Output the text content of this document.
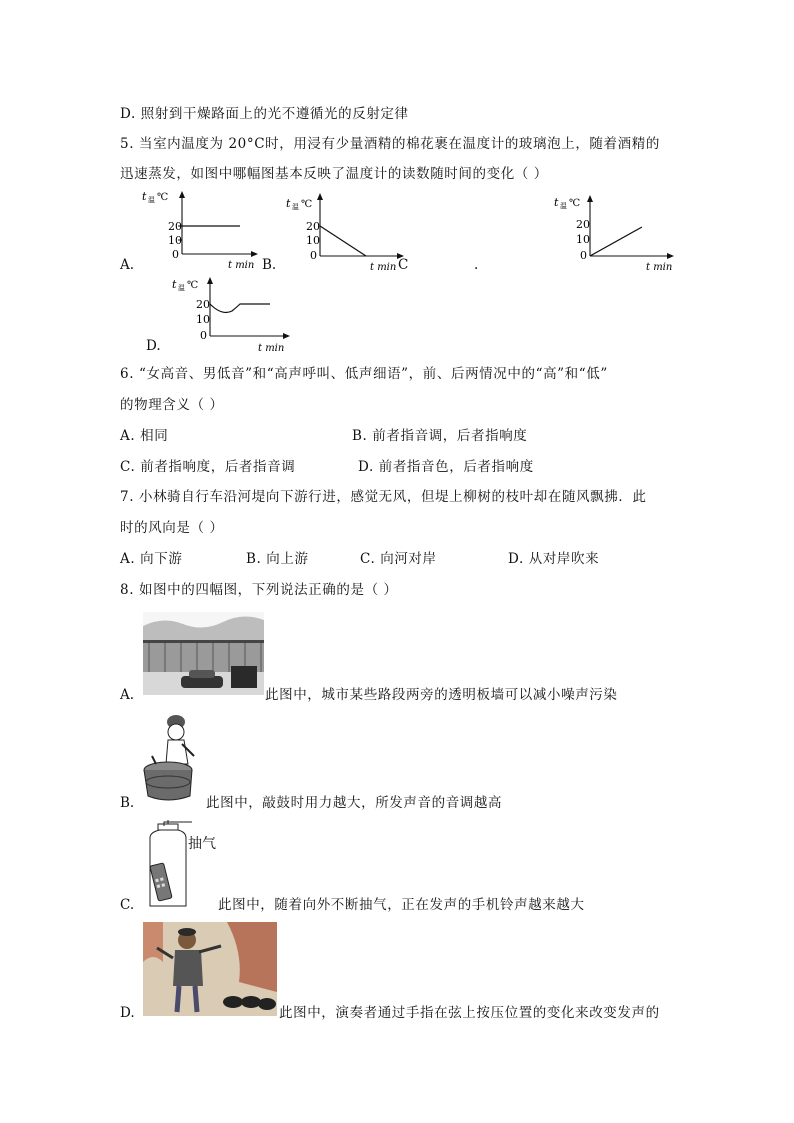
D. 照射到干燥路面上的光不遵循光的反射定律
5. 当室内温度为 20°C时，用浸有少量酒精的棉花裹在温度计的玻璃泡上，随着酒精的
迅速蒸发，如图中哪幅图基本反映了温度计的读数随时间的变化（ ）
A.	B.	C	.
D.
t 温 ℃
20
10
0
t min
t 温 ℃
20
10
0
t min
t 温 ℃
20
10
0
t min
t 温 ℃
20
10
0
t min
6. “女高音、男低音”和“高声呼叫、低声细语”，前、后两情况中的“高”和“低”
的物理含义（ ）
A. 相同	B. 前者指音调，后者指响度
C. 前者指响度，后者指音调	D. 前者指音色，后者指响度
7. 小林骑自行车沿河堤向下游行进，感觉无风，但堤上柳树的枝叶却在随风飘拂．此
时的风向是（ ）
A. 向下游	B. 向上游	C. 向河对岸	D. 从对岸吹来
8. 如图中的四幅图，下列说法正确的是（ ）
A.	此图中，城市某些路段两旁的透明板墙可以减小噪声污染
B.	此图中，敲鼓时用力越大，所发声音的音调越高
C.
抽气
此图中，随着向外不断抽气，正在发声的手机铃声越来越大
D.	此图中，演奏者通过手指在弦上按压位置的变化来改变发声的
